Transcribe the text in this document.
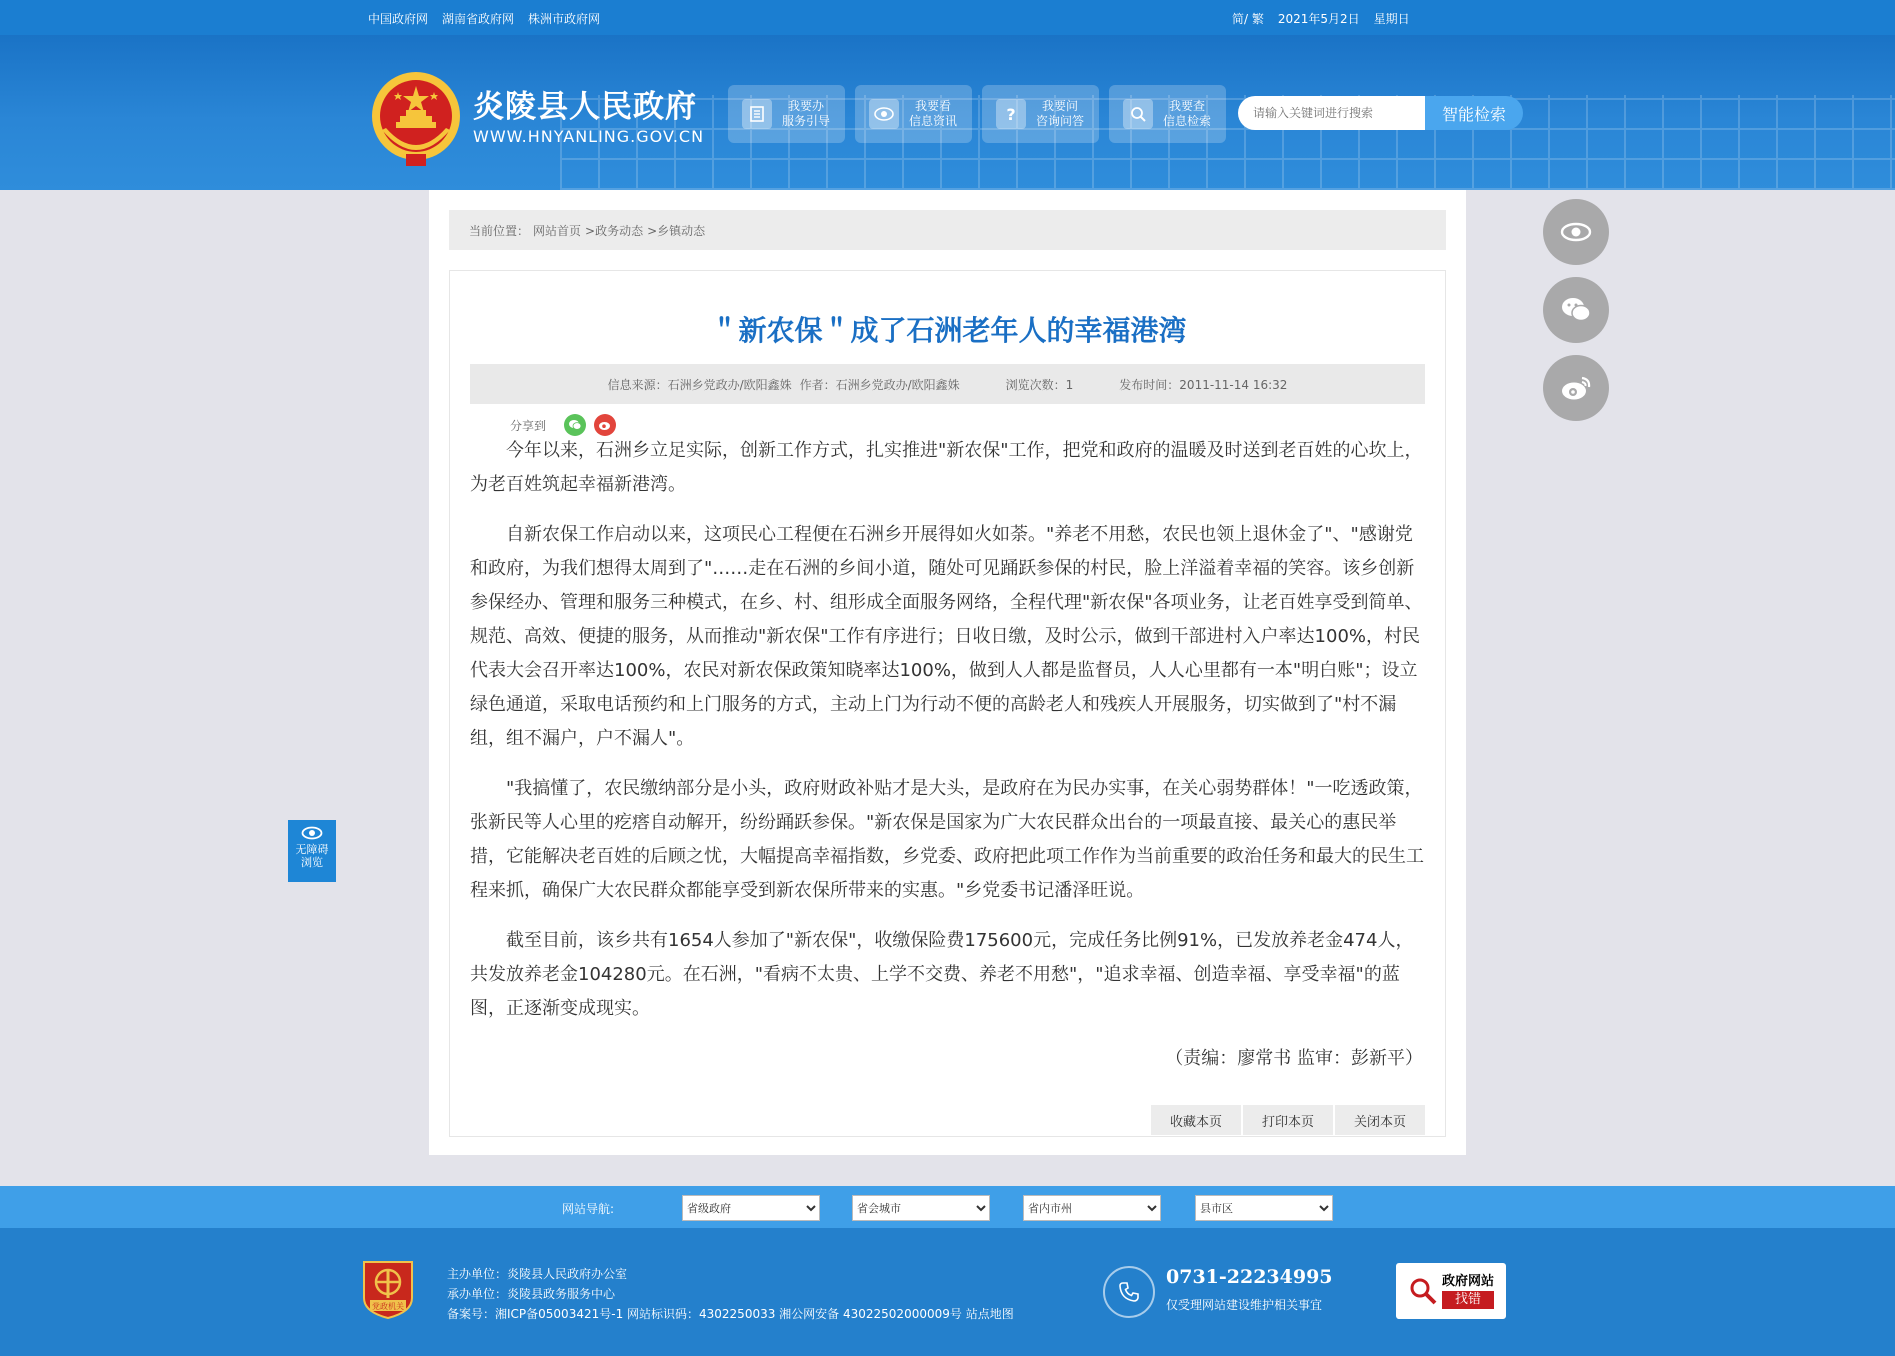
中国政府网 湖南省政府网 株洲市政府网	简/ 繁 2021年5月2日 星期日
炎陵县人民政府
WWW.HNYANLING.GOV.CN
我要办
服务引导
我要看
信息资讯	?	我要问
咨询问答
我要查
信息检索
请输入关键词进行搜索	智能检索
当前位置： 网站首页 >政务动态 >乡镇动态
＂新农保＂成了石洲老年人的幸福港湾
信息来源：石洲乡党政办/欧阳鑫姝 作者：石洲乡党政办/欧阳鑫姝	浏览次数：1	发布时间：2011-11-14 16:32
分享到

今年以来，石洲乡立足实际，创新工作方式，扎实推进"新农保"工作，把党和政府的温暖及时送到老百姓的心坎上，为老百姓筑起幸福新港湾。

自新农保工作启动以来，这项民心工程便在石洲乡开展得如火如荼。"养老不用愁，农民也领上退休金了"、"感谢党和政府，为我们想得太周到了"……走在石洲的乡间小道，随处可见踊跃参保的村民，脸上洋溢着幸福的笑容。该乡创新参保经办、管理和服务三种模式，在乡、村、组形成全面服务网络，全程代理"新农保"各项业务，让老百姓享受到简单、规范、高效、便捷的服务，从而推动"新农保"工作有序进行；日收日缴，及时公示，做到干部进村入户率达100%，村民代表大会召开率达100%，农民对新农保政策知晓率达100%，做到人人都是监督员，人人心里都有一本"明白账"；设立绿色通道，采取电话预约和上门服务的方式，主动上门为行动不便的高龄老人和残疾人开展服务，切实做到了"村不漏组，组不漏户，户不漏人"。

"我搞懂了，农民缴纳部分是小头，政府财政补贴才是大头，是政府在为民办实事，在关心弱势群体！"一吃透政策，张新民等人心里的疙瘩自动解开，纷纷踊跃参保。"新农保是国家为广大农民群众出台的一项最直接、最关心的惠民举措，它能解决老百姓的后顾之忧，大幅提高幸福指数，乡党委、政府把此项工作作为当前重要的政治任务和最大的民生工程来抓，确保广大农民群众都能享受到新农保所带来的实惠。"乡党委书记潘泽旺说。

截至目前，该乡共有1654人参加了"新农保"，收缴保险费175600元，完成任务比例91%，已发放养老金474人，共发放养老金104280元。在石洲，"看病不太贵、上学不交费、养老不用愁"，"追求幸福、创造幸福、享受幸福"的蓝图，正逐渐变成现实。

（责编：廖常书 监审：彭新平）
收藏本页	打印本页	关闭本页
无障碍
浏览
网站导航:
省级政府
省会城市
省内市州
县市区
党政机关
主办单位：炎陵县人民政府办公室
承办单位：炎陵县政务服务中心
备案号：湘ICP备05003421号-1 网站标识码：4302250033 湘公网安备 43022502000009号 站点地图
0731-22234995
仅受理网站建设维护相关事宜
政府网站
找错
